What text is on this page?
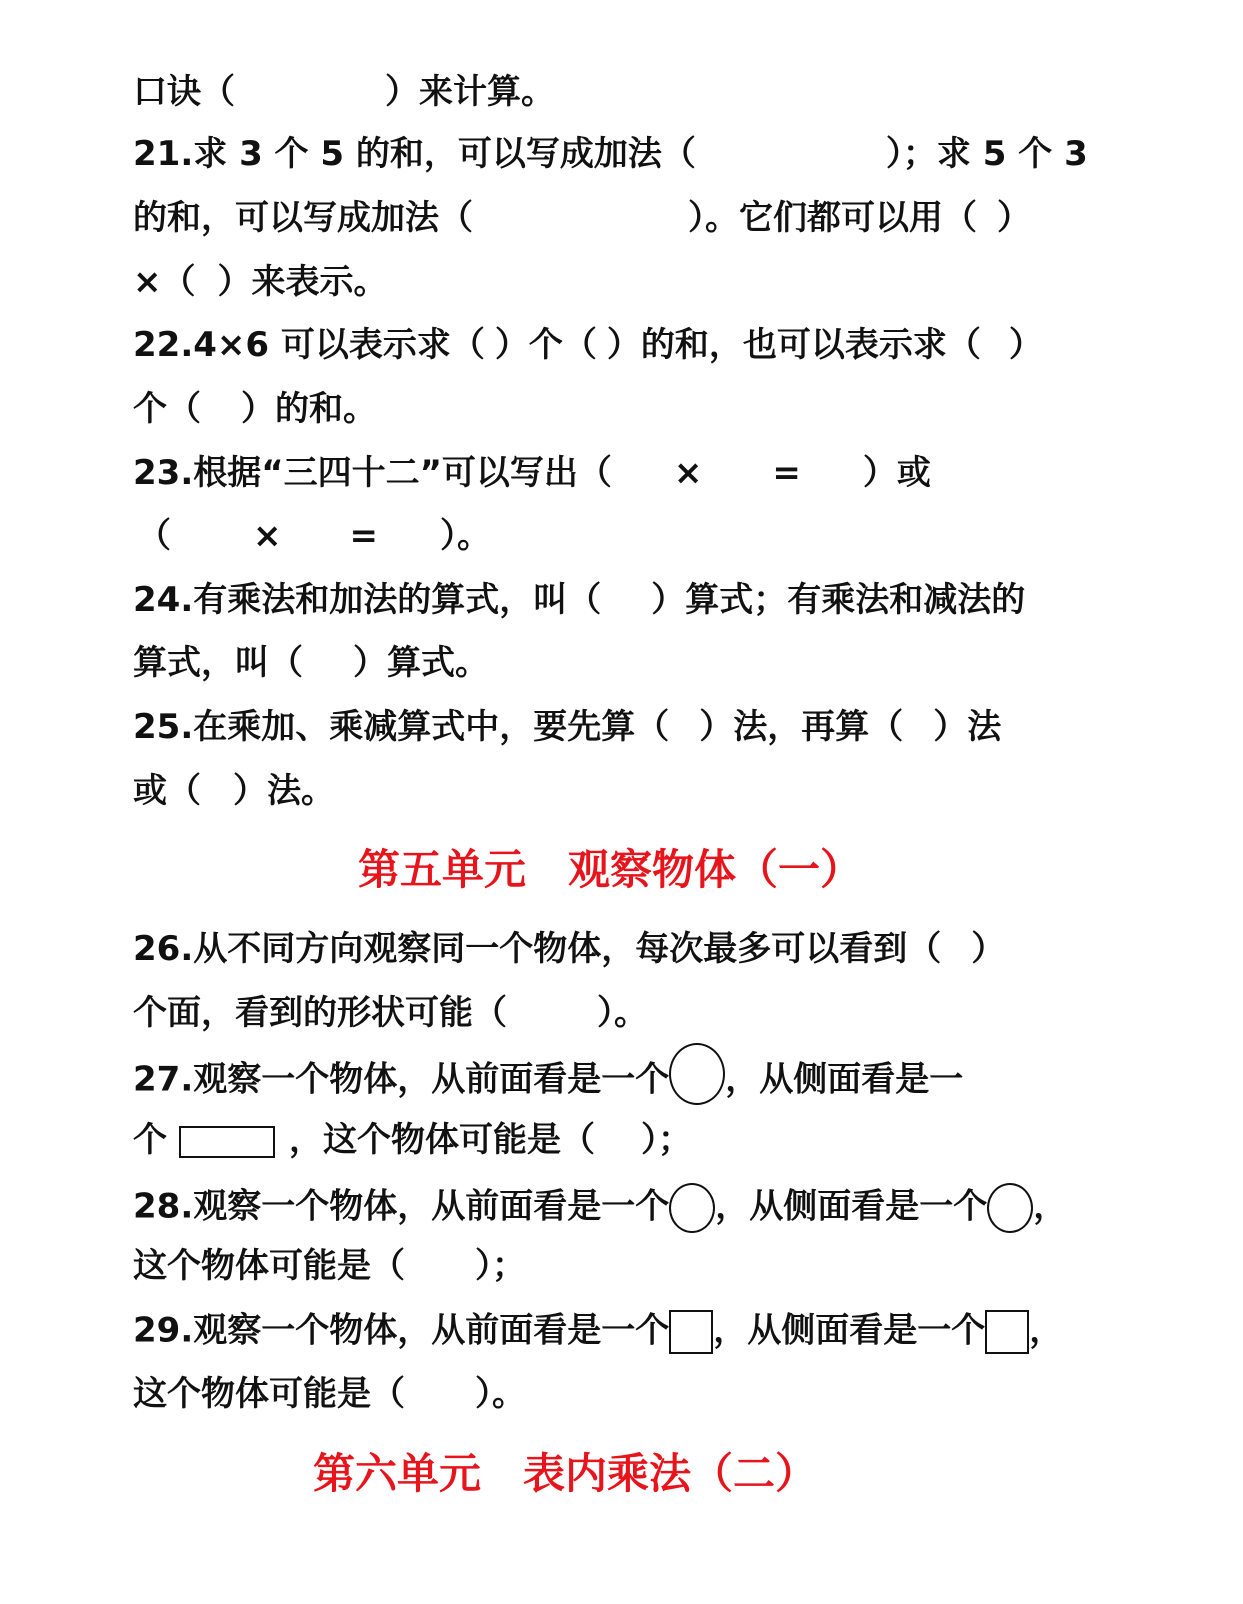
口诀（	）来计算。
21.求 3 个 5 的和，可以写成加法（	）；求 5 个 3
的和，可以写成加法（	）。它们都可以用（ ）
×（ ）来表示。
22.4×6 可以表示求（ ）个（ ）的和，也可以表示求（ ）
个（ ）的和。
23.根据“三四十二”可以写出（ × = ）或
（ × = ）。
24.有乘法和加法的算式，叫（ ）算式；有乘法和减法的
算式，叫（ ）算式。
25.在乘加、乘减算式中，要先算（ ）法，再算（ ）法
或（ ）法。
第五单元　观察物体（一）
26.从不同方向观察同一个物体，每次最多可以看到（ ）
个面，看到的形状可能（	）。
27.观察一个物体，从前面看是一个 ，从侧面看是一
个	，这个物体可能是（ ）；
28.观察一个物体，从前面看是一个 ，从侧面看是一个 ，
这个物体可能是（ ）；
29.观察一个物体，从前面看是一个 ，从侧面看是一个 ，
这个物体可能是（ ）。
第六单元　表内乘法（二）
